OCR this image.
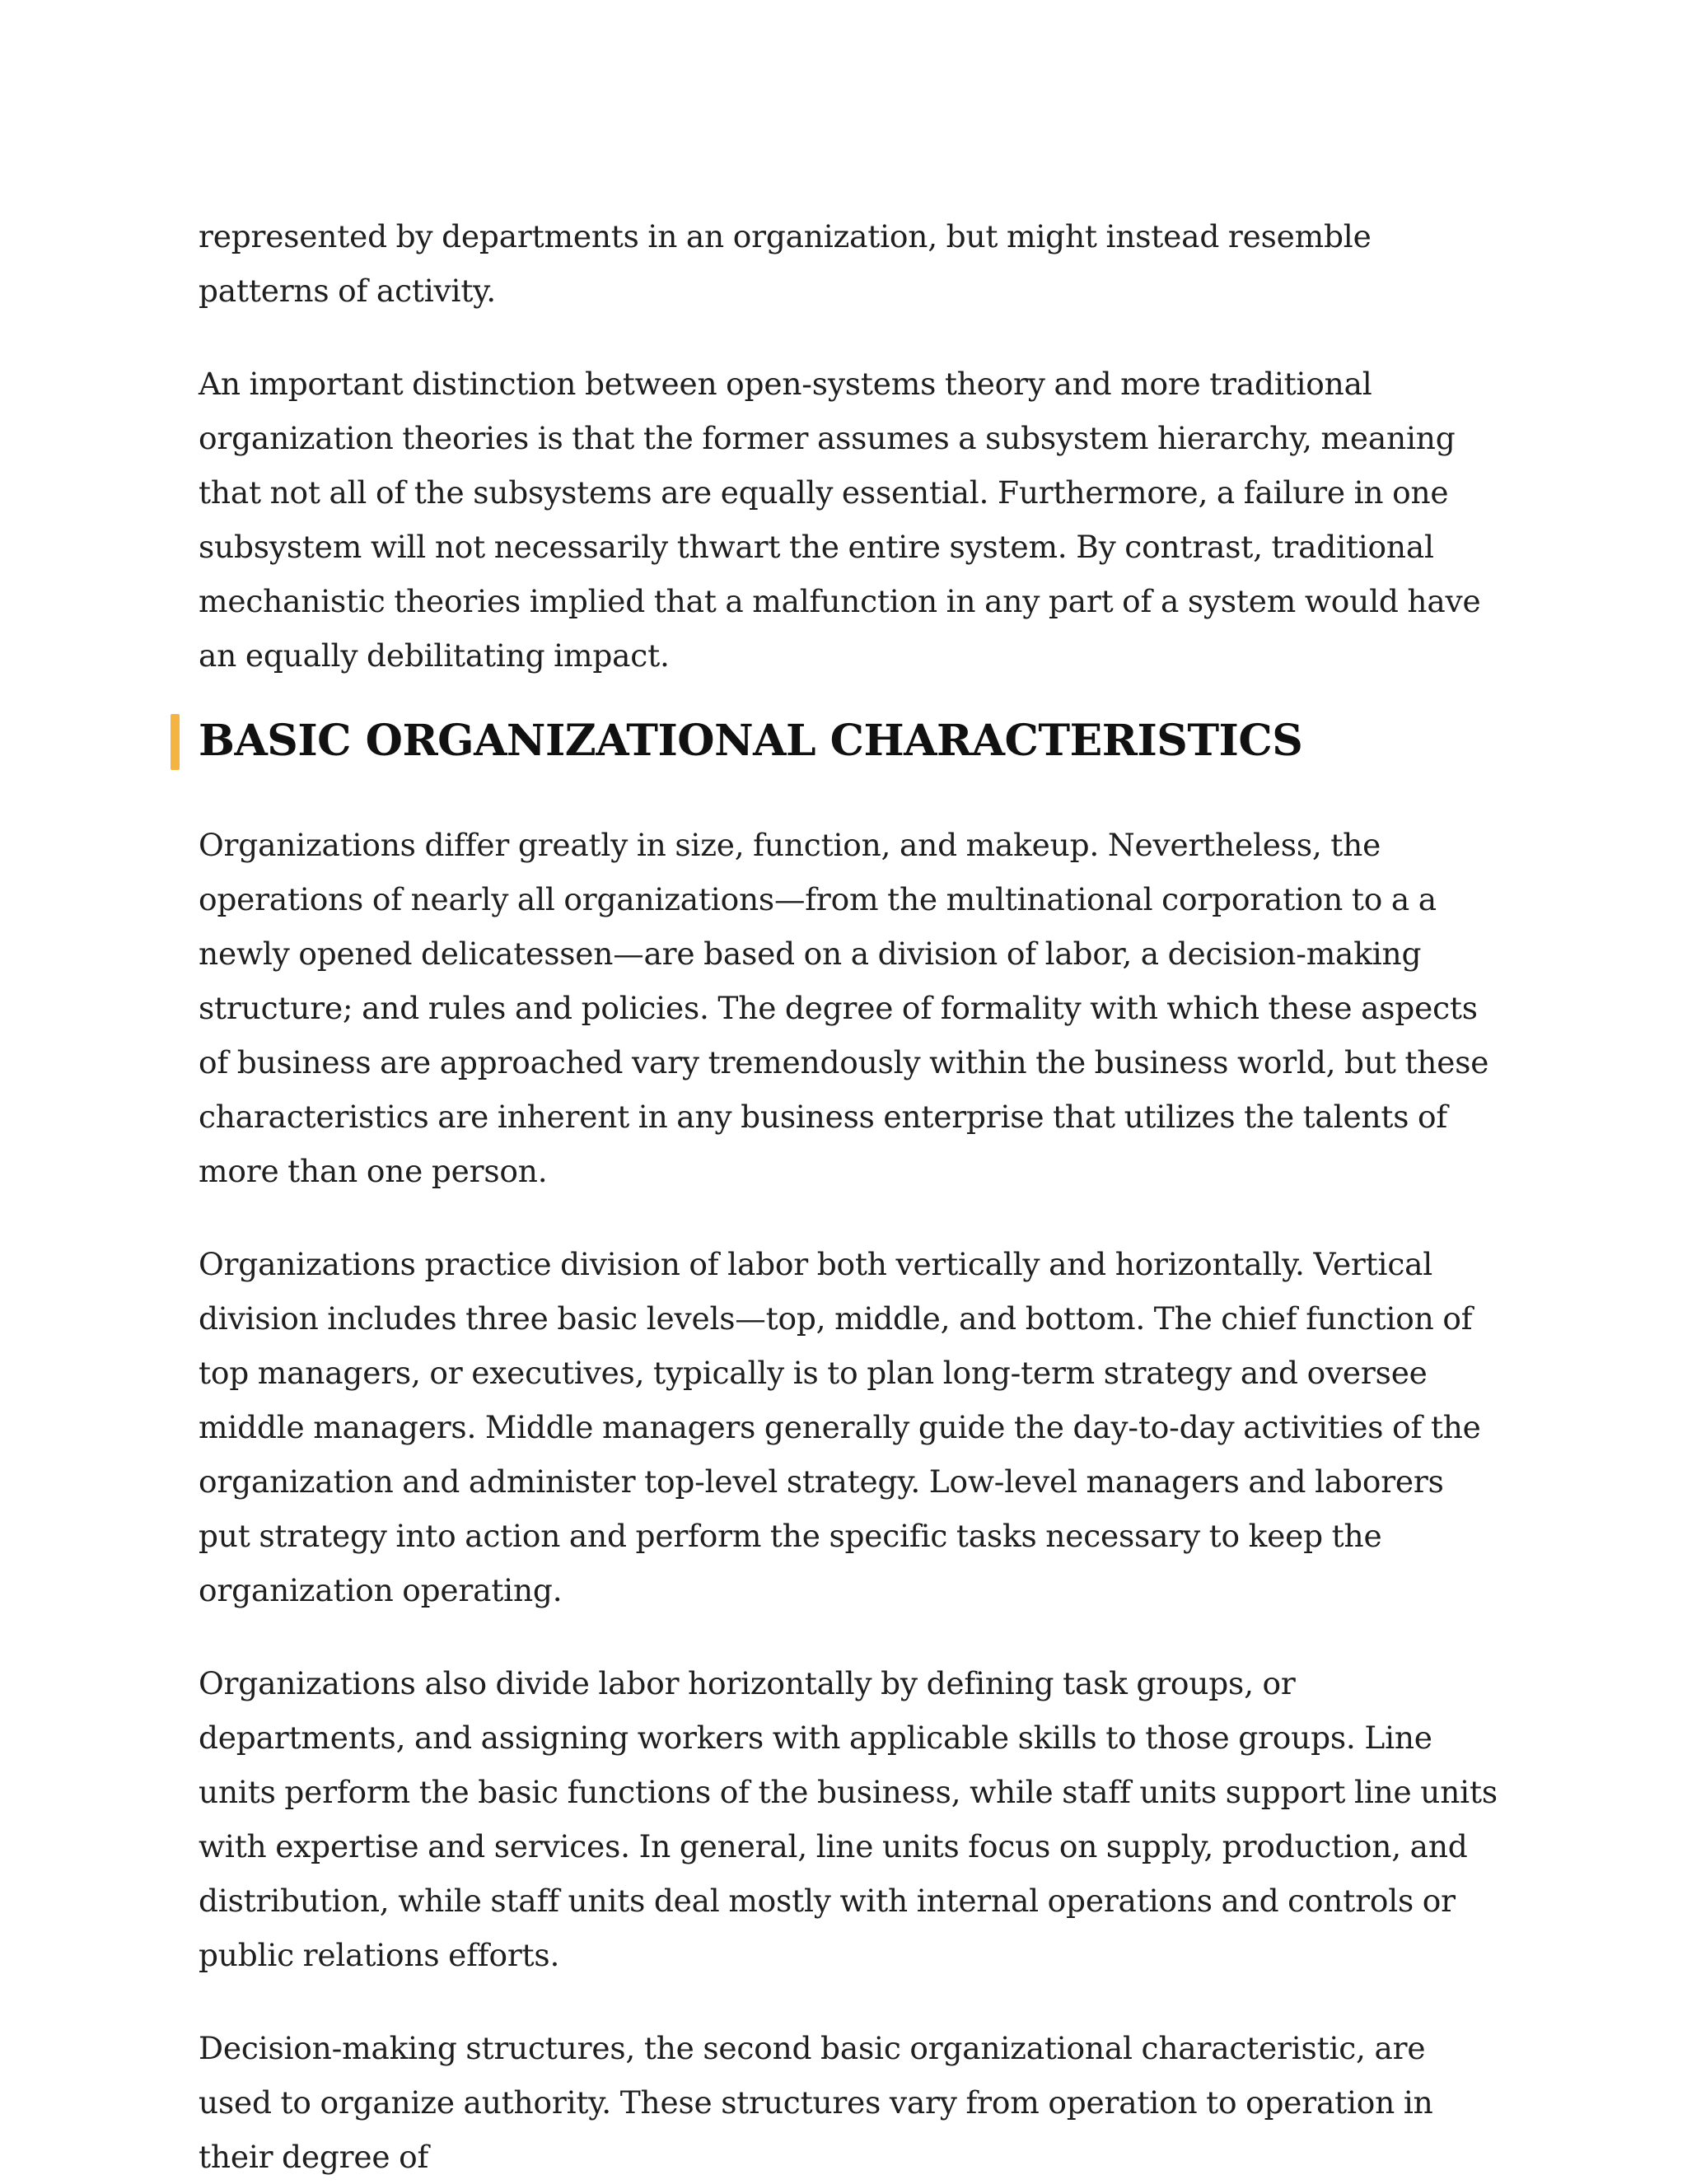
represented by departments in an organization, but might instead resemble patterns of activity.

An important distinction between open-systems theory and more traditional organization theories is that the former assumes a subsystem hierarchy, meaning that not all of the subsystems are equally essential. Furthermore, a failure in one subsystem will not necessarily thwart the entire system. By contrast, traditional mechanistic theories implied that a malfunction in any part of a system would have an equally debilitating impact.

BASIC ORGANIZATIONAL CHARACTERISTICS

Organizations differ greatly in size, function, and makeup. Nevertheless, the operations of nearly all organizations—from the multinational corporation to a a newly opened delicatessen—are based on a division of labor, a decision-making structure; and rules and policies. The degree of formality with which these aspects of business are approached vary tremendously within the business world, but these characteristics are inherent in any business enterprise that utilizes the talents of more than one person.

Organizations practice division of labor both vertically and horizontally. Vertical division includes three basic levels—top, middle, and bottom. The chief function of top managers, or executives, typically is to plan long-term strategy and oversee middle managers. Middle managers generally guide the day-to-day activities of the organization and administer top-level strategy. Low-level managers and laborers put strategy into action and perform the specific tasks necessary to keep the organization operating.

Organizations also divide labor horizontally by defining task groups, or departments, and assigning workers with applicable skills to those groups. Line units perform the basic functions of the business, while staff units support line units with expertise and services. In general, line units focus on supply, production, and distribution, while staff units deal mostly with internal operations and controls or public relations efforts.

Decision-making structures, the second basic organizational characteristic, are used to organize authority. These structures vary from operation to operation in their degree of
